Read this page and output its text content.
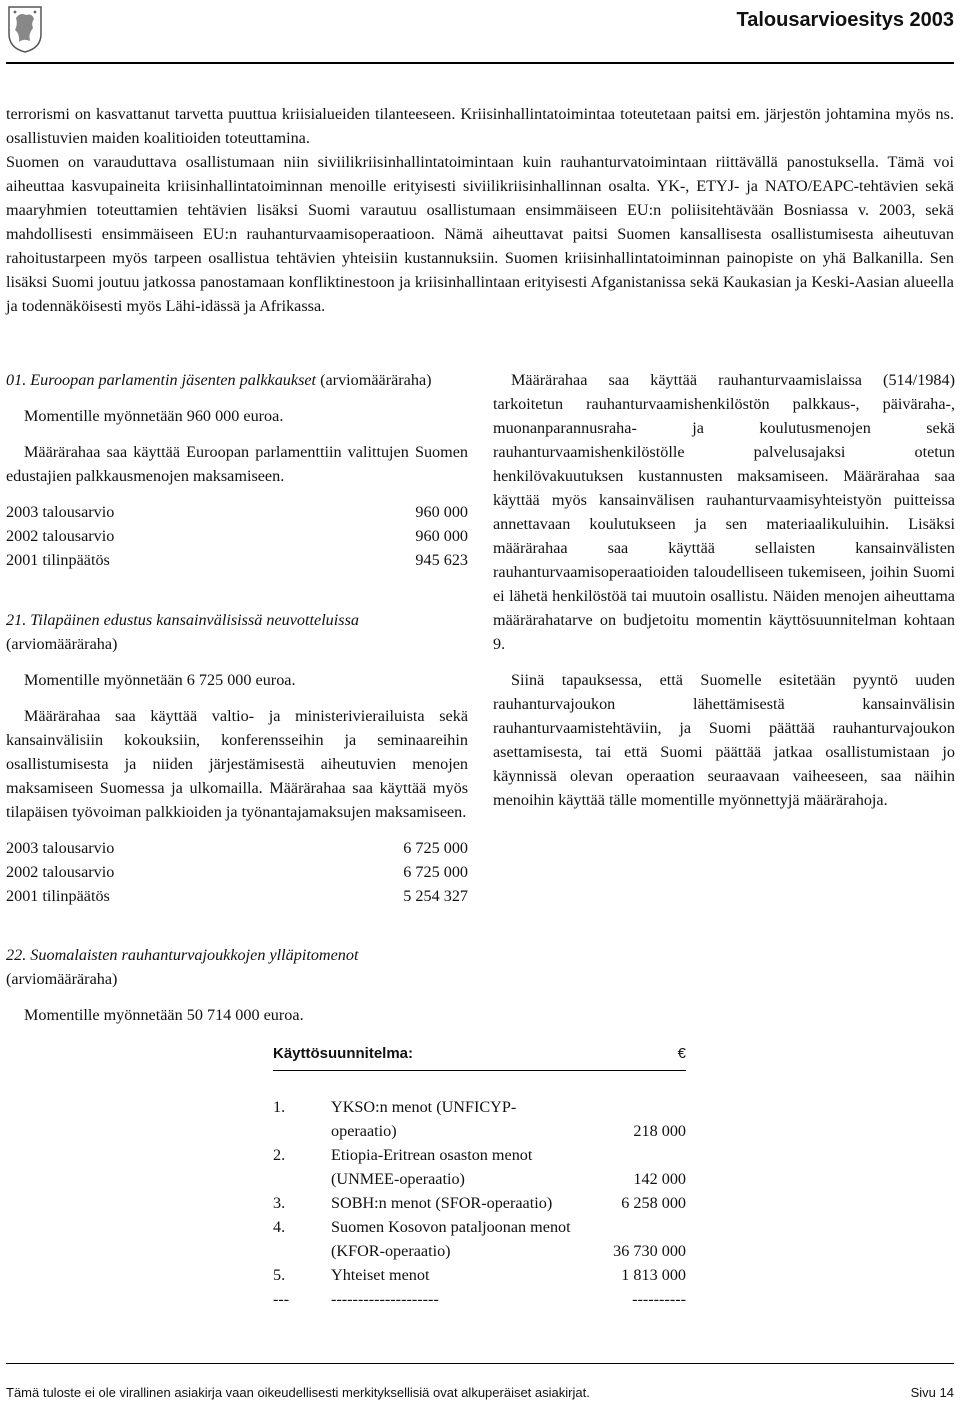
Talousarvioesitys 2003

terrorismi on kasvattanut tarvetta puuttua kriisialueiden tilanteeseen. Kriisinhallintatoimintaa toteutetaan paitsi em. järjestön johtamina myös ns. osallistuvien maiden koalitioiden toteuttamina.

Suomen on varauduttava osallistumaan niin siviilikriisinhallintatoimintaan kuin rauhanturvatoimintaan riittävällä panostuksella. Tämä voi aiheuttaa kasvupaineita kriisinhallintatoiminnan menoille erityisesti siviilikriisinhallinnan osalta. YK-, ETYJ- ja NATO/EAPC-tehtävien sekä maaryhmien toteuttamien tehtävien lisäksi Suomi varautuu osallistumaan ensimmäiseen EU:n poliisitehtävään Bosniassa v. 2003, sekä mahdollisesti ensimmäiseen EU:n rauhanturvaamisoperaatioon. Nämä aiheuttavat paitsi Suomen kansallisesta osallistumisesta aiheutuvan rahoitustarpeen myös tarpeen osallistua tehtävien yhteisiin kustannuksiin. Suomen kriisinhallintatoiminnan painopiste on yhä Balkanilla. Sen lisäksi Suomi joutuu jatkossa panostamaan konfliktinestoon ja kriisinhallintaan erityisesti Afganistanissa sekä Kaukasian ja Keski-Aasian alueella ja todennäköisesti myös Lähi-idässä ja Afrikassa.

01. Euroopan parlamentin jäsenten palkkaukset (arviomääräraha)

Momentille myönnetään 960 000 euroa.

Määrärahaa saa käyttää Euroopan parlamenttiin valittujen Suomen edustajien palkkausmenojen maksamiseen.

2003 talousarvio	960 000
2002 talousarvio	960 000
2001 tilinpäätös	945 623

21. Tilapäinen edustus kansainvälisissä neuvotteluissa (arviomääräraha)

Momentille myönnetään 6 725 000 euroa.

Määrärahaa saa käyttää valtio- ja ministerivierailuista sekä kansainvälisiin kokouksiin, konferensseihin ja seminaareihin osallistumisesta ja niiden järjestämisestä aiheutuvien menojen maksamiseen Suomessa ja ulkomailla. Määrärahaa saa käyttää myös tilapäisen työvoiman palkkioiden ja työnantajamaksujen maksamiseen.

2003 talousarvio	6 725 000
2002 talousarvio	6 725 000
2001 tilinpäätös	5 254 327

22. Suomalaisten rauhanturvajoukkojen ylläpitomenot (arviomääräraha)

Momentille myönnetään 50 714 000 euroa.

Määrärahaa saa käyttää rauhanturvaamislaissa (514/1984) tarkoitetun rauhanturvaamishenkilöstön palkkaus-, päiväraha-, muonanparannusraha- ja koulutusmenojen sekä rauhanturvaamishenkilöstölle palvelusajaksi otetun henkilövakuutuksen kustannusten maksamiseen. Määrärahaa saa käyttää myös kansainvälisen rauhanturvaamisyhteistyön puitteissa annettavaan koulutukseen ja sen materiaalikuluihin. Lisäksi määrärahaa saa käyttää sellaisten kansainvälisten rauhanturvaamisoperaatioiden taloudelliseen tukemiseen, joihin Suomi ei lähetä henkilöstöä tai muutoin osallistu. Näiden menojen aiheuttama määrärahatarve on budjetoitu momentin käyttösuunnitelman kohtaan 9.

Siinä tapauksessa, että Suomelle esitetään pyyntö uuden rauhanturvajoukon lähettämisestä kansainvälisin rauhanturvaamistehtäviin, ja Suomi päättää rauhanturvajoukon asettamisesta, tai että Suomi päättää jatkaa osallistumistaan jo käynnissä olevan operaation seuraavaan vaiheeseen, saa näihin menoihin käyttää tälle momentille myönnettyjä määrärahoja.

Käyttösuunnitelma:	€
1.	YKSO:n menot (UNFICYP-operaatio)	218 000
2.	Etiopia-Eritrean osaston menot (UNMEE-operaatio)	142 000
3.	SOBH:n menot (SFOR-operaatio)	6 258 000
4.	Suomen Kosovon pataljoonan menot (KFOR-operaatio)	36 730 000
5.	Yhteiset menot	1 813 000
---	--------------------	----------
Tämä tuloste ei ole virallinen asiakirja vaan oikeudellisesti merkityksellisiä ovat alkuperäiset asiakirjat.	Sivu 14
